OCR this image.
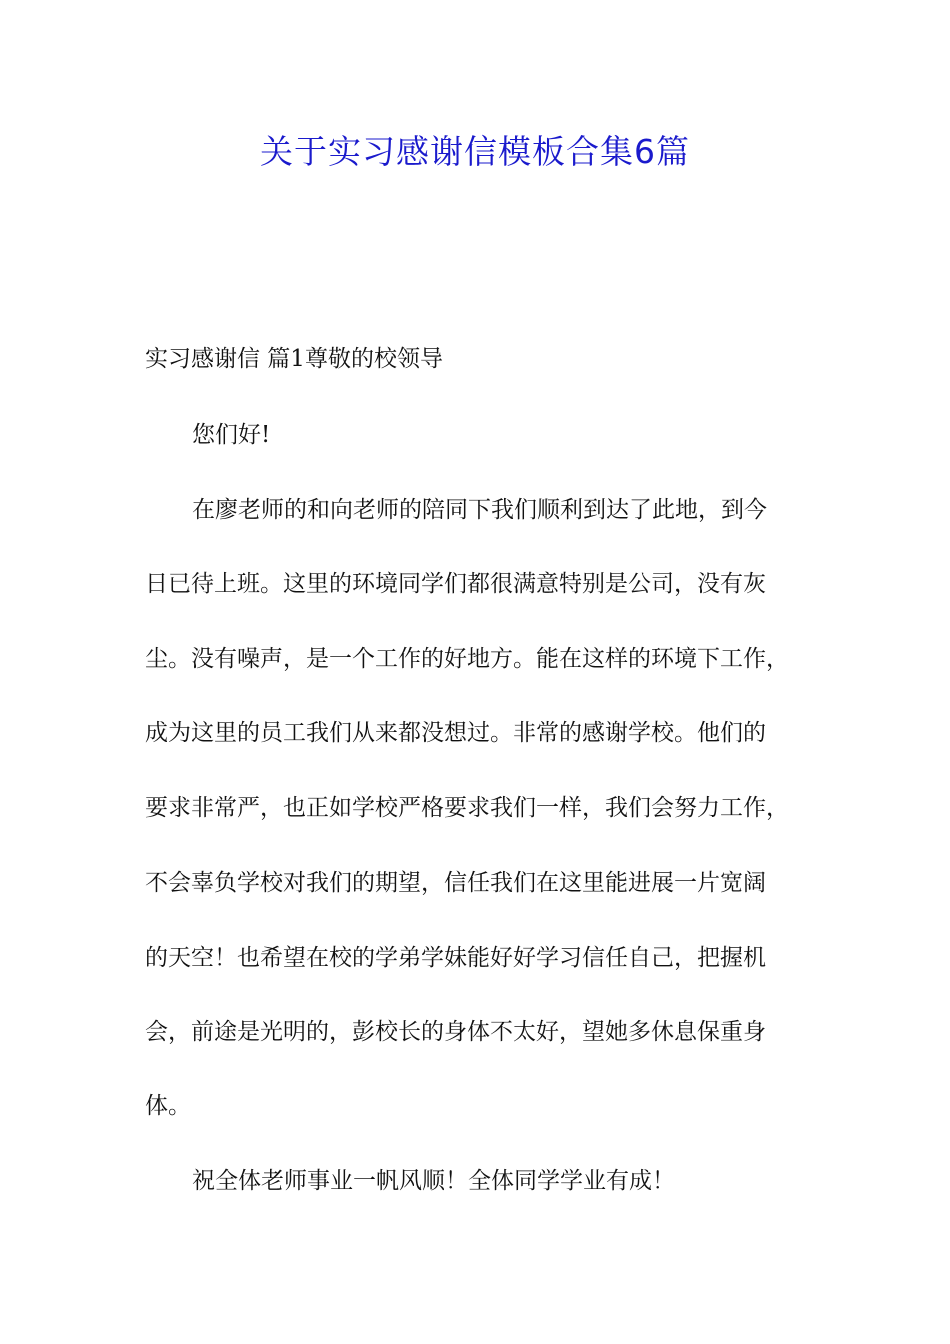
关于实习感谢信模板合集6篇
实习感谢信 篇1尊敬的校领导
您们好!
在廖老师的和向老师的陪同下我们顺利到达了此地，到今
日已待上班。这里的环境同学们都很满意特别是公司，没有灰
尘。没有噪声，是一个工作的好地方。能在这样的环境下工作，
成为这里的员工我们从来都没想过。非常的感谢学校。他们的
要求非常严，也正如学校严格要求我们一样，我们会努力工作，
不会辜负学校对我们的期望，信任我们在这里能进展一片宽阔
的天空！也希望在校的学弟学妹能好好学习信任自己，把握机
会，前途是光明的，彭校长的身体不太好，望她多休息保重身
体。
祝全体老师事业一帆风顺！全体同学学业有成！
